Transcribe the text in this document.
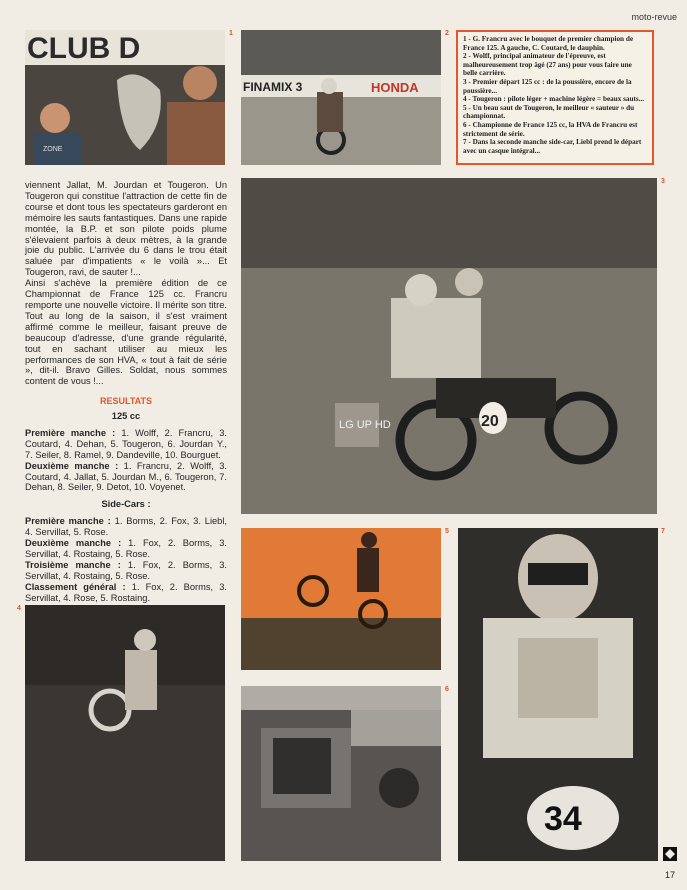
moto-revue
CLUB D
ZONE
1
FINAMIX 3	HONDA
2

1 - G. Francru avec le bouquet de premier champion de France 125. A gauche, C. Coutard, le dauphin.

2 - Wolff, principal animateur de l'épreuve, est malheureusement trop âgé (27 ans) pour vous faire une belle carrière.

3 - Premier départ 125 cc : de la poussière, encore de la poussière...

4 - Tougeron : pilote léger + machine légère = beaux sauts...

5 - Un beau saut de Tougeron, le meilleur « sauteur » du championnat.

6 - Championne de France 125 cc, la HVA de Francru est strictement de série.

7 - Dans la seconde manche side-car, Liebl prend le départ avec un casque intégral...

viennent Jallat, M. Jourdan et Tougeron. Un Tougeron qui constitue l'attraction de cette fin de course et dont tous les spectateurs garderont en mémoire les sauts fantastiques. Dans une rapide montée, la B.P. et son pilote poids plume s'élevaient parfois à deux mètres, à la grande joie du public. L'arrivée du 6 dans le trou était saluée par d'impatients « le voilà »... Et Tougeron, ravi, de sauter !...

Ainsi s'achève la première édition de ce Championnat de France 125 cc. Francru remporte une nouvelle victoire. Il mérite son titre. Tout au long de la saison, il s'est vraiment affirmé comme le meilleur, faisant preuve de beaucoup d'adresse, d'une grande régularité, tout en sachant utiliser au mieux les performances de son HVA, « tout à fait de série », dit-il. Bravo Gilles. Soldat, nous sommes content de vous !...

RESULTATS

125 cc

Première manche : 1. Wolff, 2. Francru, 3. Coutard, 4. Dehan, 5. Tougeron, 6. Jourdan Y., 7. Seiler, 8. Ramel, 9. Dandeville, 10. Bourguet.

Deuxième manche : 1. Francru, 2. Wolff, 3. Coutard, 4. Jallat, 5. Jourdan M., 6. Tougeron, 7. Dehan, 8. Seiler, 9. Detot, 10. Voyenet.

Side-Cars :

Première manche : 1. Borms, 2. Fox, 3. Liebl, 4. Servillat, 5. Rose.

Deuxième manche : 1. Fox, 2. Borms, 3. Servillat, 4. Rostaing, 5. Rose.

Troisième manche : 1. Fox, 2. Borms, 3. Servillat, 4. Rostaing, 5. Rose.

Classement général : 1. Fox, 2. Borms, 3. Servillat, 4. Rose, 5. Rostaing.

20
LG UP HD
3
4
5
6
34
7
17
